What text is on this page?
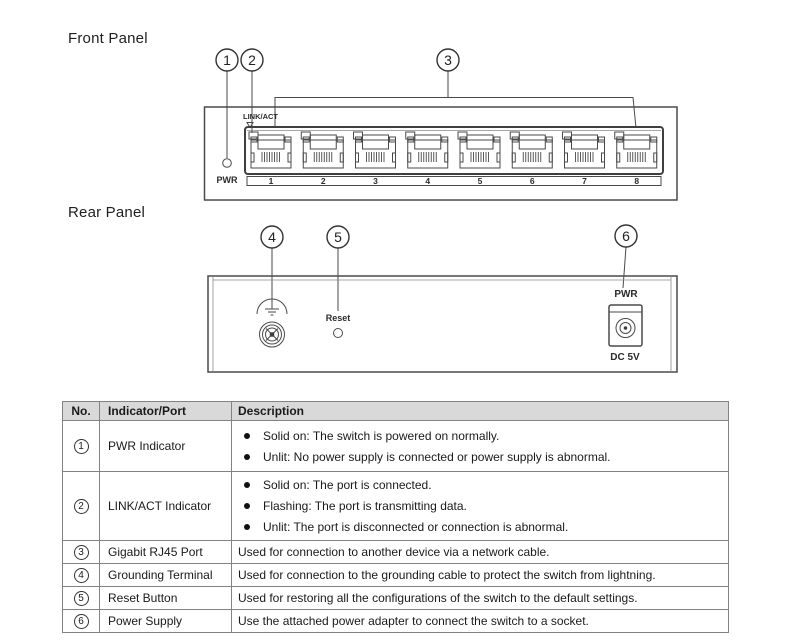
Front Panel
Rear Panel
1 2	3
PWR
LINK/ACT
1	2	3	4	5	6	7	8
4	5	6
Reset
PWR
DC 5V
No.	Indicator/Port	Description
1	PWR Indicator	Solid on: The switch is powered on normally.
Unlit: No power supply is connected or power supply is abnormal.

2	LINK/ACT Indicator	Solid on: The port is connected.
Flashing: The port is transmitting data.
Unlit: The port is disconnected or connection is abnormal.

3	Gigabit RJ45 Port	Used for connection to another device via a network cable.
4	Grounding Terminal	Used for connection to the grounding cable to protect the switch from lightning.
5	Reset Button	Used for restoring all the configurations of the switch to the default settings.
6	Power Supply	Use the attached power adapter to connect the switch to a socket.
